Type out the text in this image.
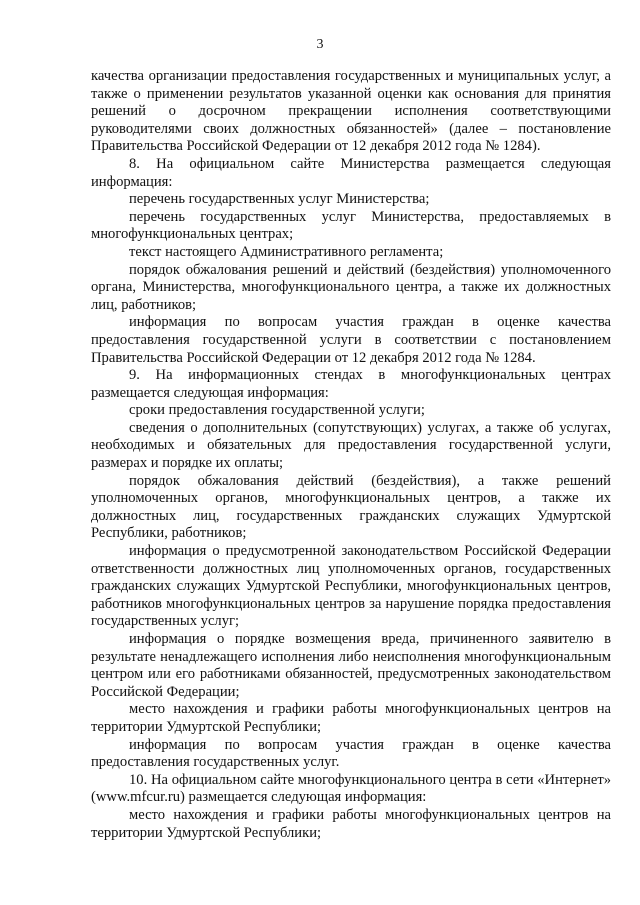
3

качества организации предоставления государственных и муниципальных услуг, а также о применении результатов указанной оценки как основания для принятия решений о досрочном прекращении исполнения соответствующими руководителями своих должностных обязанностей» (далее – постановление Правительства Российской Федерации от 12 декабря 2012 года № 1284).

8. На официальном сайте Министерства размещается следующая информация:

перечень государственных услуг Министерства;

перечень государственных услуг Министерства, предоставляемых в многофункциональных центрах;

текст настоящего Административного регламента;

порядок обжалования решений и действий (бездействия) уполномоченного органа, Министерства, многофункционального центра, а также их должностных лиц, работников;

информация по вопросам участия граждан в оценке качества предоставления государственной услуги в соответствии с постановлением Правительства Российской Федерации от 12 декабря 2012 года № 1284.

9. На информационных стендах в многофункциональных центрах размещается следующая информация:

сроки предоставления государственной услуги;

сведения о дополнительных (сопутствующих) услугах, а также об услугах, необходимых и обязательных для предоставления государственной услуги, размерах и порядке их оплаты;

порядок обжалования действий (бездействия), а также решений уполномоченных органов, многофункциональных центров, а также их должностных лиц, государственных гражданских служащих Удмуртской Республики, работников;

информация о предусмотренной законодательством Российской Федерации ответственности должностных лиц уполномоченных органов, государственных гражданских служащих Удмуртской Республики, многофункциональных центров, работников многофункциональных центров за нарушение порядка предоставления государственных услуг;

информация о порядке возмещения вреда, причиненного заявителю в результате ненадлежащего исполнения либо неисполнения многофункциональным центром или его работниками обязанностей, предусмотренных законодательством Российской Федерации;

место нахождения и графики работы многофункциональных центров на территории Удмуртской Республики;

информация по вопросам участия граждан в оценке качества предоставления государственных услуг.

10. На официальном сайте многофункционального центра в сети «Интернет» (www.mfcur.ru) размещается следующая информация:

место нахождения и графики работы многофункциональных центров на территории Удмуртской Республики;
